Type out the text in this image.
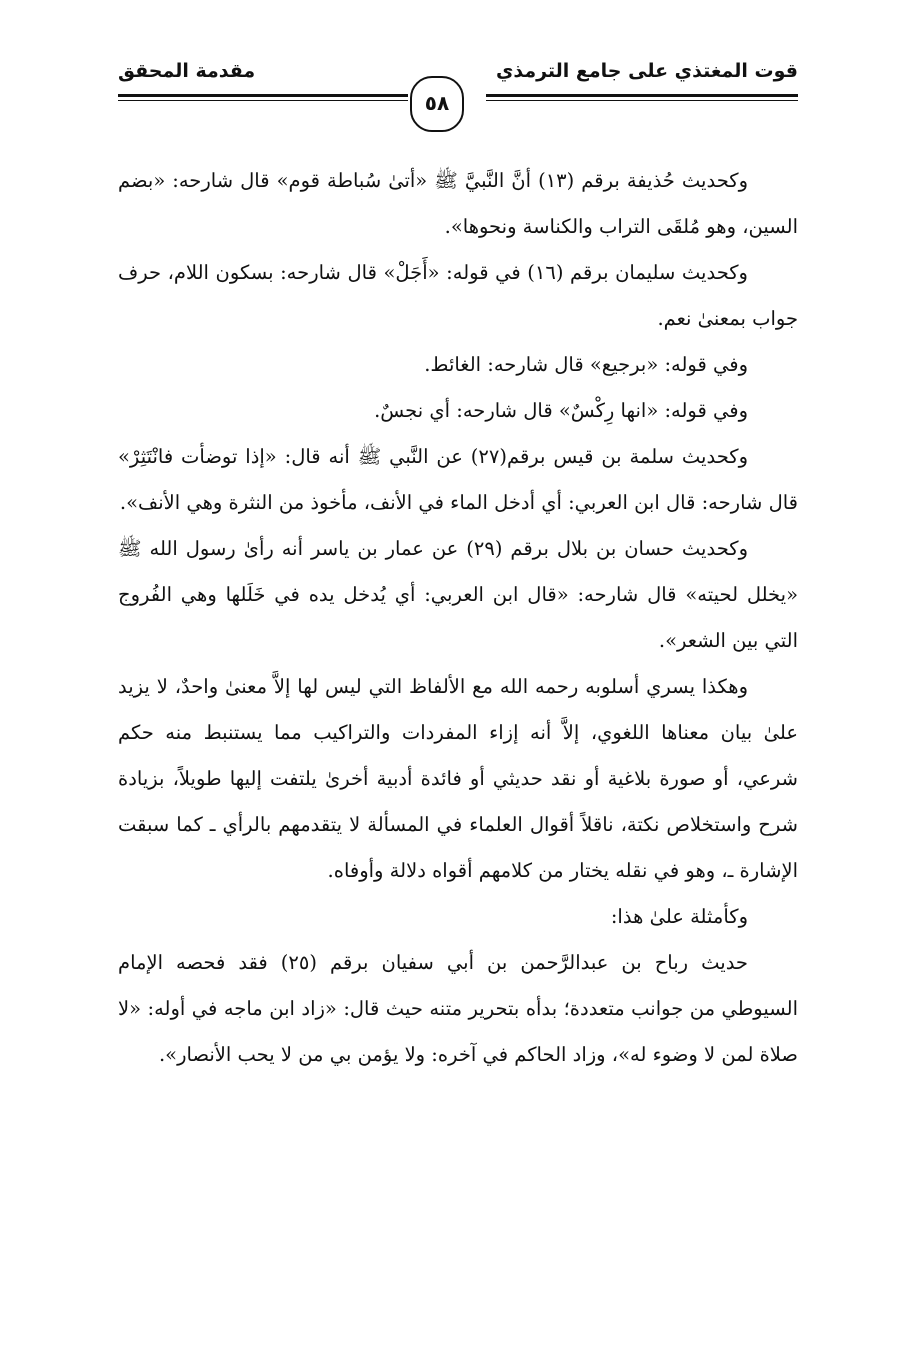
قوت المغتذي على جامع الترمذي
مقدمة المحقق
٥٨

وكحديث حُذيفة برقم (١٣) أنَّ النَّبيَّ ﷺ «أتىٰ سُباطة قوم» قال شارحه: «بضم السين، وهو مُلقَى التراب والكناسة ونحوها».

وكحديث سليمان برقم (١٦) في قوله: «أَجَلْ» قال شارحه: بسكون اللام، حرف جواب بمعنىٰ نعم.

وفي قوله: «برجيع» قال شارحه: الغائط.

وفي قوله: «انها رِكْسٌ» قال شارحه: أي نجسٌ.

وكحديث سلمة بن قيس برقم(٢٧) عن النَّبي ﷺ أنه قال: «إذا توضأت فانْتَثِرْ» قال شارحه: قال ابن العربي: أي أدخل الماء في الأنف، مأخوذ من النثرة وهي الأنف».

وكحديث حسان بن بلال برقم (٢٩) عن عمار بن ياسر أنه رأىٰ رسول الله ﷺ «يخلل لحيته» قال شارحه: «قال ابن العربي: أي يُدخل يده في خَلَلها وهي الفُروج التي بين الشعر».

وهكذا يسري أسلوبه رحمه الله مع الألفاظ التي ليس لها إلاَّ معنىٰ واحدٌ، لا يزيد علىٰ بيان معناها اللغوي، إلاَّ أنه إزاء المفردات والتراكيب مما يستنبط منه حكم شرعي، أو صورة بلاغية أو نقد حديثي أو فائدة أدبية أخرىٰ يلتفت إليها طويلاً، بزيادة شرح واستخلاص نكتة، ناقلاً أقوال العلماء في المسألة لا يتقدمهم بالرأي ـ كما سبقت الإشارة ـ، وهو في نقله يختار من كلامهم أقواه دلالة وأوفاه.

وكأمثلة علىٰ هذا:

حديث رباح بن عبدالرَّحمن بن أبي سفيان برقم (٢٥) فقد فحصه الإمام السيوطي من جوانب متعددة؛ بدأه بتحرير متنه حيث قال: «زاد ابن ماجه في أوله: «لا صلاة لمن لا وضوء له»، وزاد الحاكم في آخره: ولا يؤمن بي من لا يحب الأنصار».
